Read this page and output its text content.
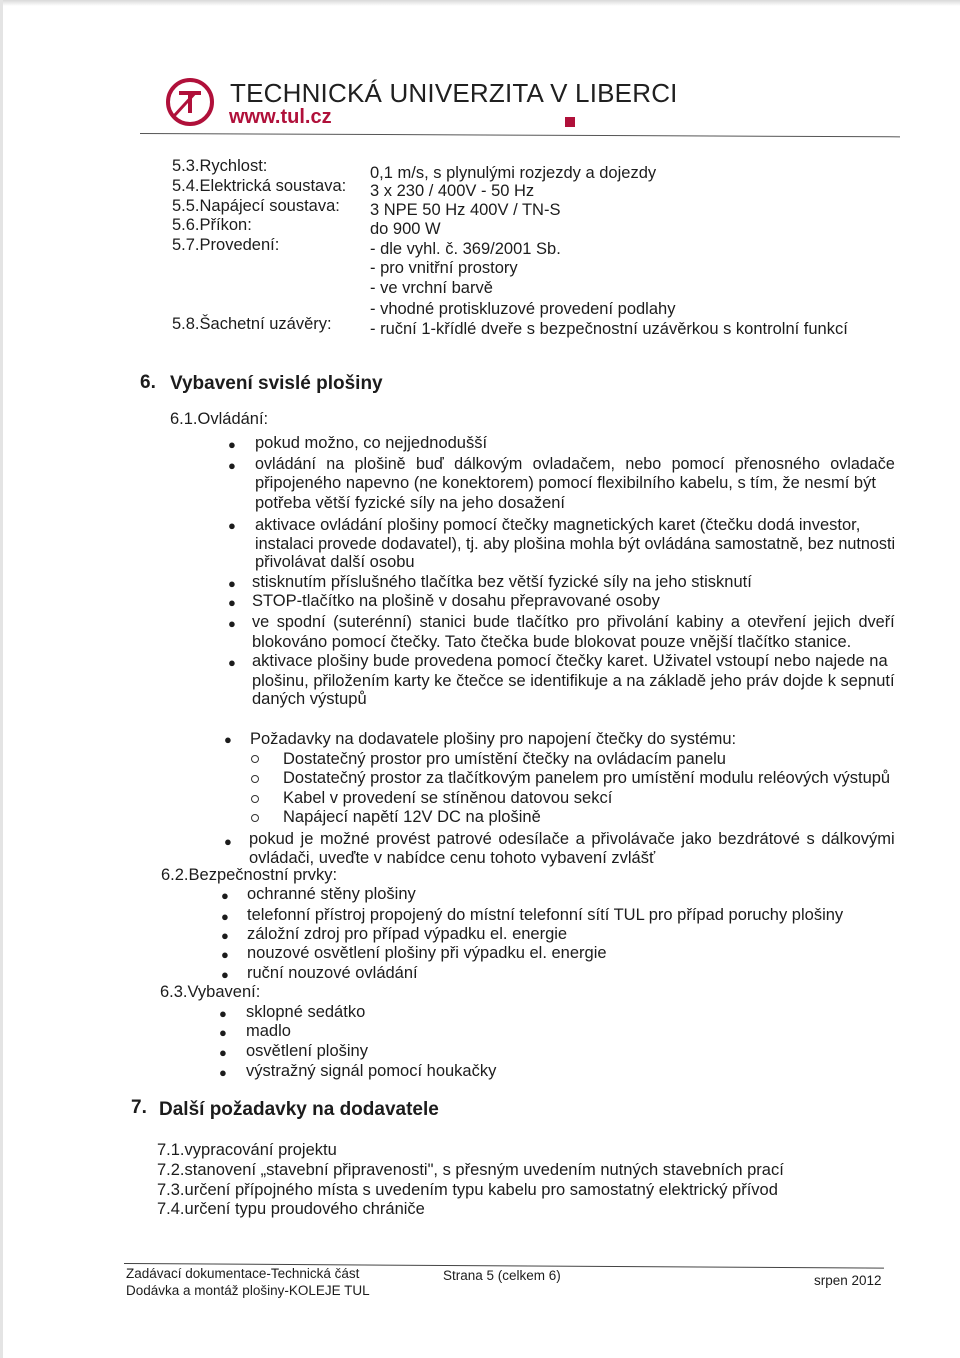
TECHNICKÁ UNIVERZITA V LIBERCI
www.tul.cz
5.3.Rychlost:	0,1 m/s, s plynulými rozjezdy a dojezdy
5.4.Elektrická soustava: 3 x 230 / 400V - 50 Hz
5.5.Napájecí soustava: 3 NPE 50 Hz 400V / TN-S
5.6.Příkon:	do 900 W
5.7.Provedení:	- dle vyhl. č. 369/2001 Sb.
- pro vnitřní prostory
- ve vrchní barvě
- vhodné protiskluzové provedení podlahy
5.8.Šachetní uzávěry: - ruční 1-křídlé dveře s bezpečnostní uzávěrkou s kontrolní funkcí
6. Vybavení svislé plošiny
6.1.Ovládání:
● pokud možno, co nejjednodušší
● ovládání na plošině buď dálkovým ovladačem, nebo pomocí přenosného ovladače
připojeného napevno (ne konektorem) pomocí flexibilního kabelu, s tím, že nesmí být
potřeba větší fyzické síly na jeho dosažení
● aktivace ovládání plošiny pomocí čtečky magnetických karet (čtečku dodá investor,
instalaci provede dodavatel), tj. aby plošina mohla být ovládána samostatně, bez nutnosti
přivolávat další osobu
● stisknutím příslušného tlačítka bez větší fyzické síly na jeho stisknutí
● STOP-tlačítko na plošině v dosahu přepravované osoby
● ve spodní (suterénní) stanici bude tlačítko pro přivolání kabiny a otevření jejich dveří
blokováno pomocí čtečky. Tato čtečka bude blokovat pouze vnější tlačítko stanice.
● aktivace plošiny bude provedena pomocí čtečky karet. Uživatel vstoupí nebo najede na
plošinu, přiložením karty ke čtečce se identifikuje a na základě jeho práv dojde k sepnutí
daných výstupů
● Požadavky na dodavatele plošiny pro napojení čtečky do systému:
Dostatečný prostor pro umístění čtečky na ovládacím panelu
Dostatečný prostor za tlačítkovým panelem pro umístění modulu reléových výstupů
Kabel v provedení se stíněnou datovou sekcí
Napájecí napětí 12V DC na plošině
● pokud je možné provést patrové odesílače a přivolávače jako bezdrátové s dálkovými
ovládači, uveďte v nabídce cenu tohoto vybavení zvlášť
6.2.Bezpečnostní prvky:
● ochranné stěny plošiny
● telefonní přístroj propojený do místní telefonní sítí TUL pro případ poruchy plošiny
● záložní zdroj pro případ výpadku el. energie
● nouzové osvětlení plošiny při výpadku el. energie
● ruční nouzové ovládání
6.3.Vybavení:
● sklopné sedátko
● madlo
● osvětlení plošiny
● výstražný signál pomocí houkačky
7. Další požadavky na dodavatele
7.1.vypracování projektu
7.2.stanovení „stavební připravenosti", s přesným uvedením nutných stavebních prací
7.3.určení přípojného místa s uvedením typu kabelu pro samostatný elektrický přívod
7.4.určení typu proudového chrániče
Zadávací dokumentace-Technická část
Dodávka a montáž plošiny-KOLEJE TUL
Strana 5 (celkem 6)	srpen 2012
